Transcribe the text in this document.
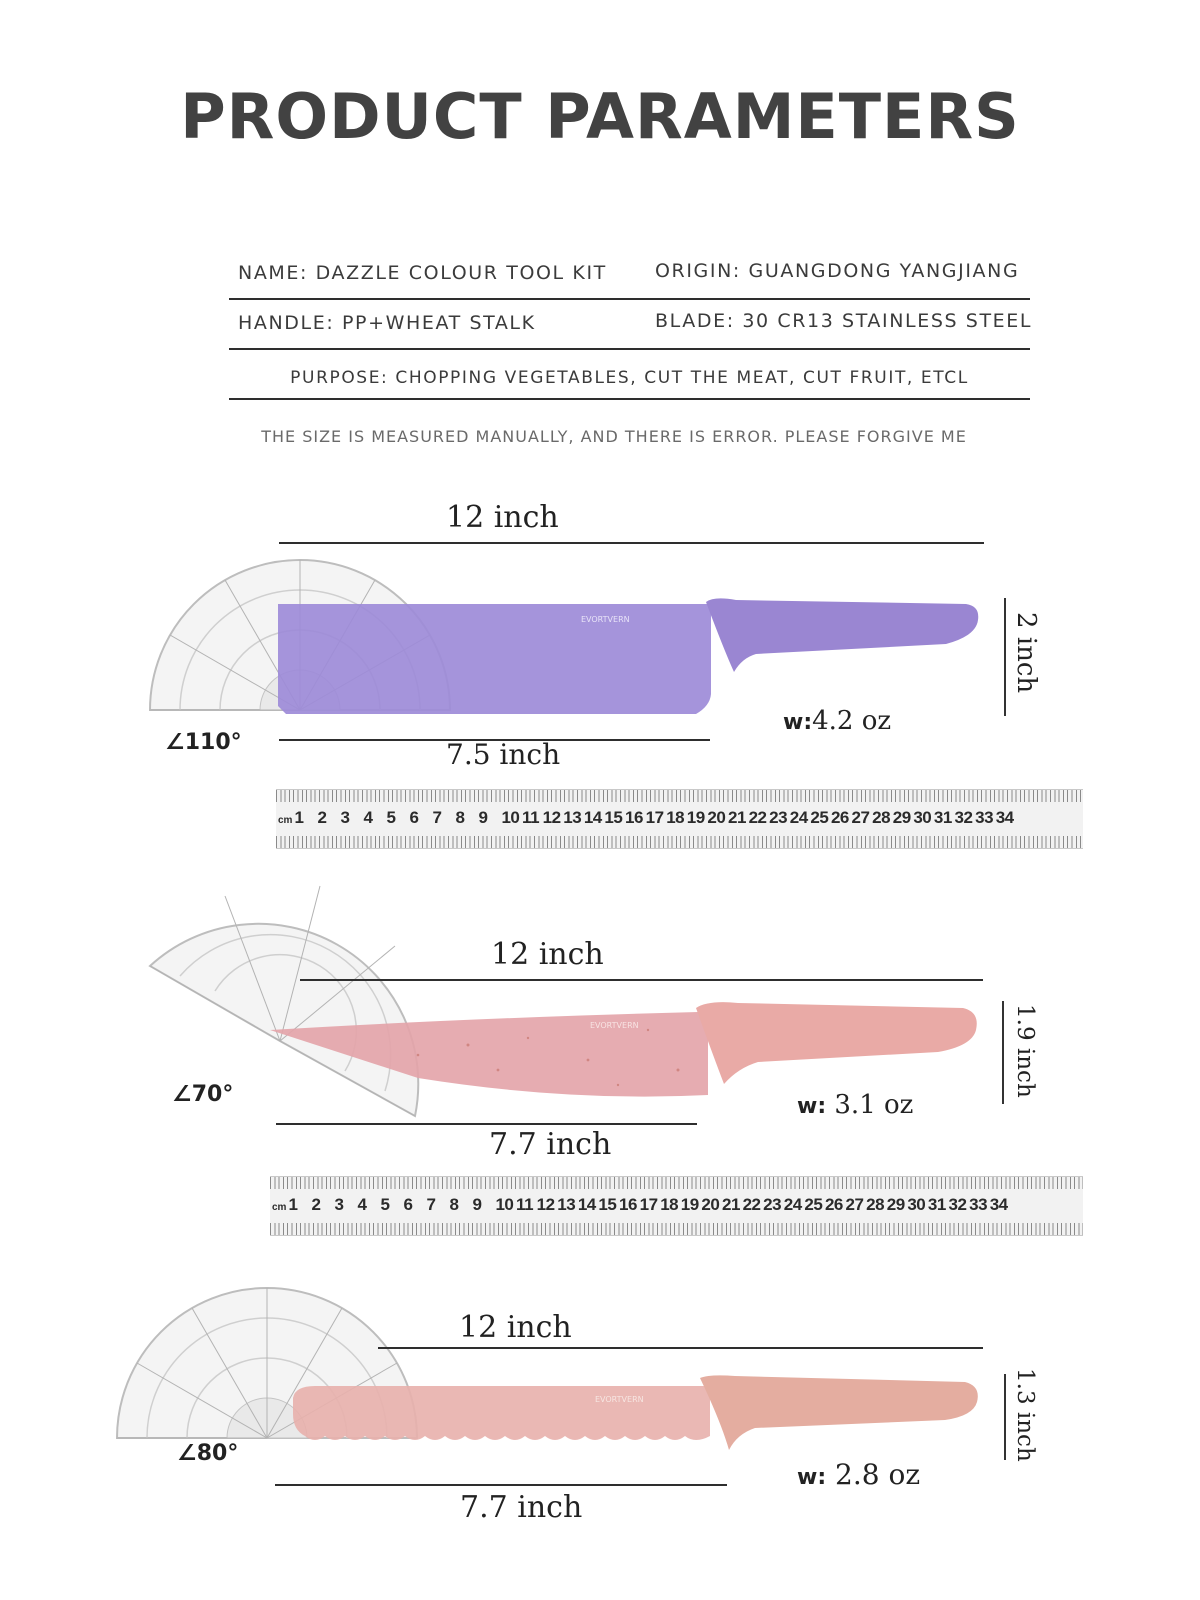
PRODUCT PARAMETERS
NAME: DAZZLE COLOUR TOOL KIT	ORIGIN: GUANGDONG YANGJIANG
HANDLE: PP+WHEAT STALK	BLADE: 30 CR13 STAINLESS STEEL
PURPOSE: CHOPPING VEGETABLES, CUT THE MEAT, CUT FRUIT, ETCL
THE SIZE IS MEASURED MANUALLY, AND THERE IS ERROR. PLEASE FORGIVE ME
12 inch
EVORTVERN
∠110°
w:4.2 oz
7.5 inch
2 inch
cm 1 2 3 4 5 6 7 8 9 10 11 12 13 14 15 16 17 18 19 20 21 22 23 24 25 26 27 28 29 30 31 32 33 34
12 inch
EVORTVERN
∠70°	w: 3.1 oz
7.7 inch
1.9 inch
cm 1 2 3 4 5 6 7 8 9 10 11 12 13 14 15 16 17 18 19 20 21 22 23 24 25 26 27 28 29 30 31 32 33 34
12 inch
EVORTVERN
∠80°
w: 2.8 oz
7.7 inch
1.3 inch
